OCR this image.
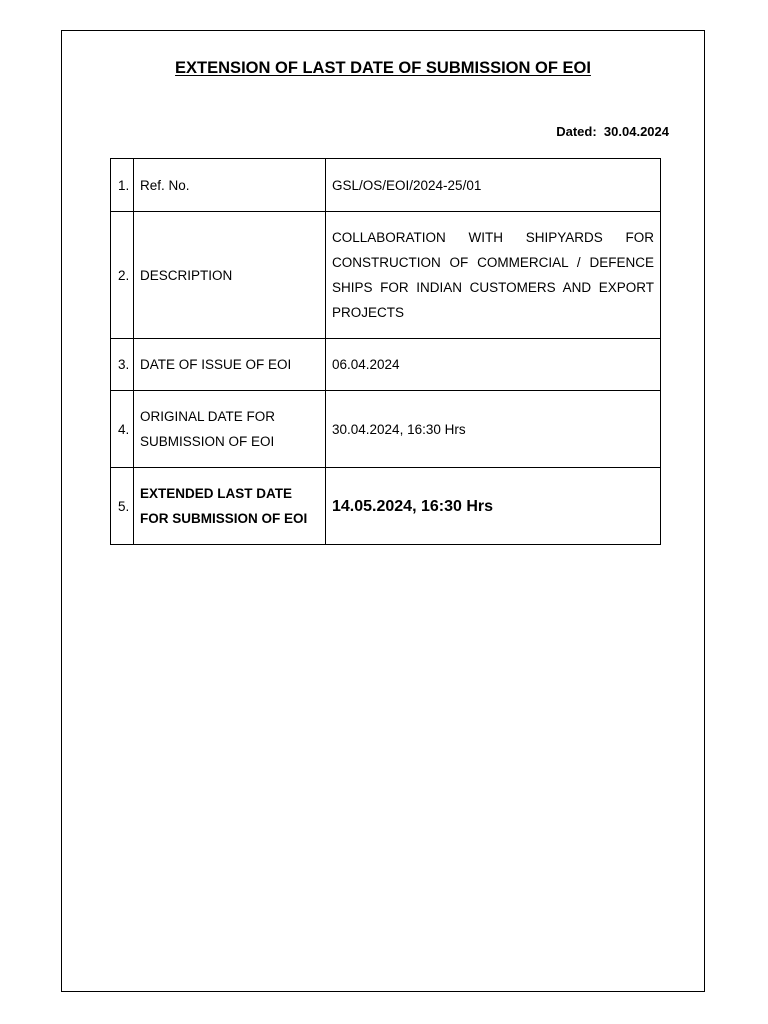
EXTENSION OF LAST DATE OF SUBMISSION OF EOI
Dated: 30.04.2024
1.	Ref. No.	GSL/OS/EOI/2024-25/01
2.	DESCRIPTION	COLLABORATION WITH SHIPYARDS FOR CONSTRUCTION OF COMMERCIAL / DEFENCE SHIPS FOR INDIAN CUSTOMERS AND EXPORT PROJECTS
3.	DATE OF ISSUE OF EOI	06.04.2024
4.	ORIGINAL DATE FOR SUBMISSION OF EOI	30.04.2024, 16:30 Hrs
5.	EXTENDED LAST DATE FOR SUBMISSION OF EOI	14.05.2024, 16:30 Hrs
